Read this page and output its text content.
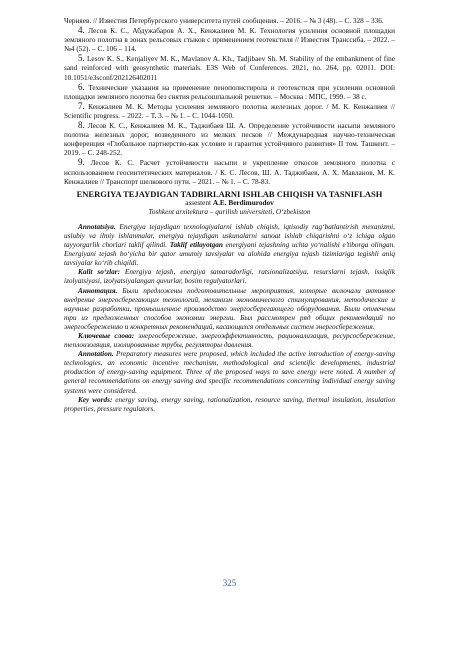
Черняев. // Известия Петербургского университета путей сообщения. – 2016. – № 3 (48). – С. 328 – 336.

4. Лесов К. С., Абдужабаров А. Х., Кенжалиев М. К. Технология усиления основной площадки земляного полотна в зонах рельсовых стыков с применением геотекстиля // Известия Транссиба. – 2022. – №4 (52). – С. 106 – 114.

5. Lesov K. S., Kenjaliyev M. K., Mavlanov A. Kh., Tadjibaev Sh. M. Stability of the embankment of fine sand reinforced with geosynthetic materials. E3S Web of Conferences. 2021, no. 264, pp. 02011. DOI: 10.1051/e3sconf/202126402011

6. Технические указания на применение пенополистирола и геотекстиля при усилении основной площадки земляного полотна без снятия рельсошпальной решетки. – Москва : МПС, 1999. – 38 с.

7. Кенжалиев М. К. Методы усиления земляного полотна железных дорог. / М. К. Кенжалиев // Scientific progress. – 2022. – Т. 3. – № 1. – С. 1044-1050.

8. Лесов К. С., Кенжалиев М. К., Таджибаев Ш. А. Определение устойчивости насыпи земляного полотна железных дорог, возведенного из мелких песков // Международная научно-техническая конференция «Глобальное партнерство-как условие и гарантия устойчивого развития» II том. Ташкент. – 2019. – С. 248-252.

9. Лесов К. С. Расчет устойчивости насыпи и укрепление откосов земляного полотна с использованием геосинтетических материалов. / К. С. Лесов, Ш. А. Таджибаев, А. Х. Мавланов, М. К. Кенжалиев // Транспорт шелкового пути. – 2021. – № 1. – С. 78-83.

ENERGIYA TEJAYDIGAN TADBIRLARNI ISHLAB CHIQISH VA TASNIFLASH
assestent A.E. Berdimurodov
Toshkent arxitektura – qurilish universiteti, O‘zbekiston

Annotatsiya. Energiya tejaydigan texnologiyalarni ishlab chiqish, iqtisodiy rag‘batlantirish mexanizmi, uslubiy va ilmiy ishlanmalar, energiya tejaydigan uskunalarni sanoat ishlab chiqarishni o‘z ichiga olgan tayyorgarlik chorlari taklif qilindi. Taklif etilayotgan energiyani tejashning uchta yo‘nalishi e’tiborga olingan. Energiyani tejash bo‘yicha bir qator umumiy tavsiyalar va alohida energiya tejash tizimlariga tegishli aniq tavsiyalar ko‘rib chiqildi.

Kalit so‘zlar: Energiya tejash, energiya samaradorligi, ratsionalizatsiya, resurslarni tejash, issiqlik izolyatsiyasi, izolyatsiyalangan quvurlar, bosim regulyatorlari.

Аннотация. Были предложены подготовительные мероприятия, которые включали активное внедрение энергосберегающих технологий, механизм экономического стимулирования, методические и научные разработки, промышленное производство энергосберегающего оборудования. Были отмечены три из предложенных способов экономии энергии. Был рассмотрен ряд общих рекомендаций по энергосбережению и конкретных рекомендаций, касающихся отдельных систем энергосбережения.

Ключевые слова: энергосбережение, энергоэффективность, рационализация, ресурсосбережение, теплоизоляция, изолированные трубы, регуляторы давления.

Annotation. Preparatory measures were proposed, which included the active introduction of energy-saving technologies, an economic incentive mechanism, methodological and scientific developments, industrial production of energy-saving equipment. Three of the proposed ways to save energy were noted. A number of general recommendations on energy saving and specific recommendations concerning individual energy saving systems were considered.

Key words: energy saving, energy saving, rationalization, resource saving, thermal insulation, insulation properties, pressure regulators.

325
